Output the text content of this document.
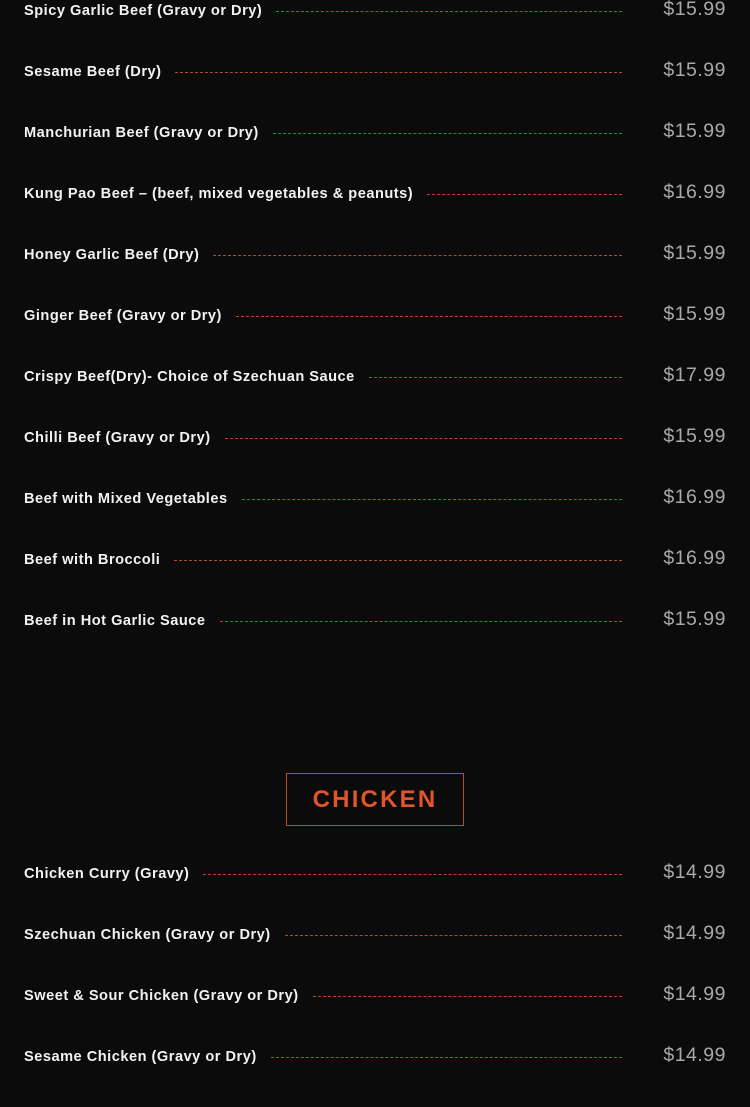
Spicy Garlic Beef (Gravy or Dry)	$15.99
Sesame Beef (Dry)	$15.99
Manchurian Beef (Gravy or Dry)	$15.99
Kung Pao Beef – (beef, mixed vegetables & peanuts)	$16.99
Honey Garlic Beef (Dry)	$15.99
Ginger Beef (Gravy or Dry)	$15.99
Crispy Beef(Dry)- Choice of Szechuan Sauce	$17.99
Chilli Beef (Gravy or Dry)	$15.99
Beef with Mixed Vegetables	$16.99
Beef with Broccoli	$16.99
Beef in Hot Garlic Sauce	$15.99
CHICKEN
Chicken Curry (Gravy)	$14.99
Szechuan Chicken (Gravy or Dry)	$14.99
Sweet & Sour Chicken (Gravy or Dry)	$14.99
Sesame Chicken (Gravy or Dry)	$14.99
